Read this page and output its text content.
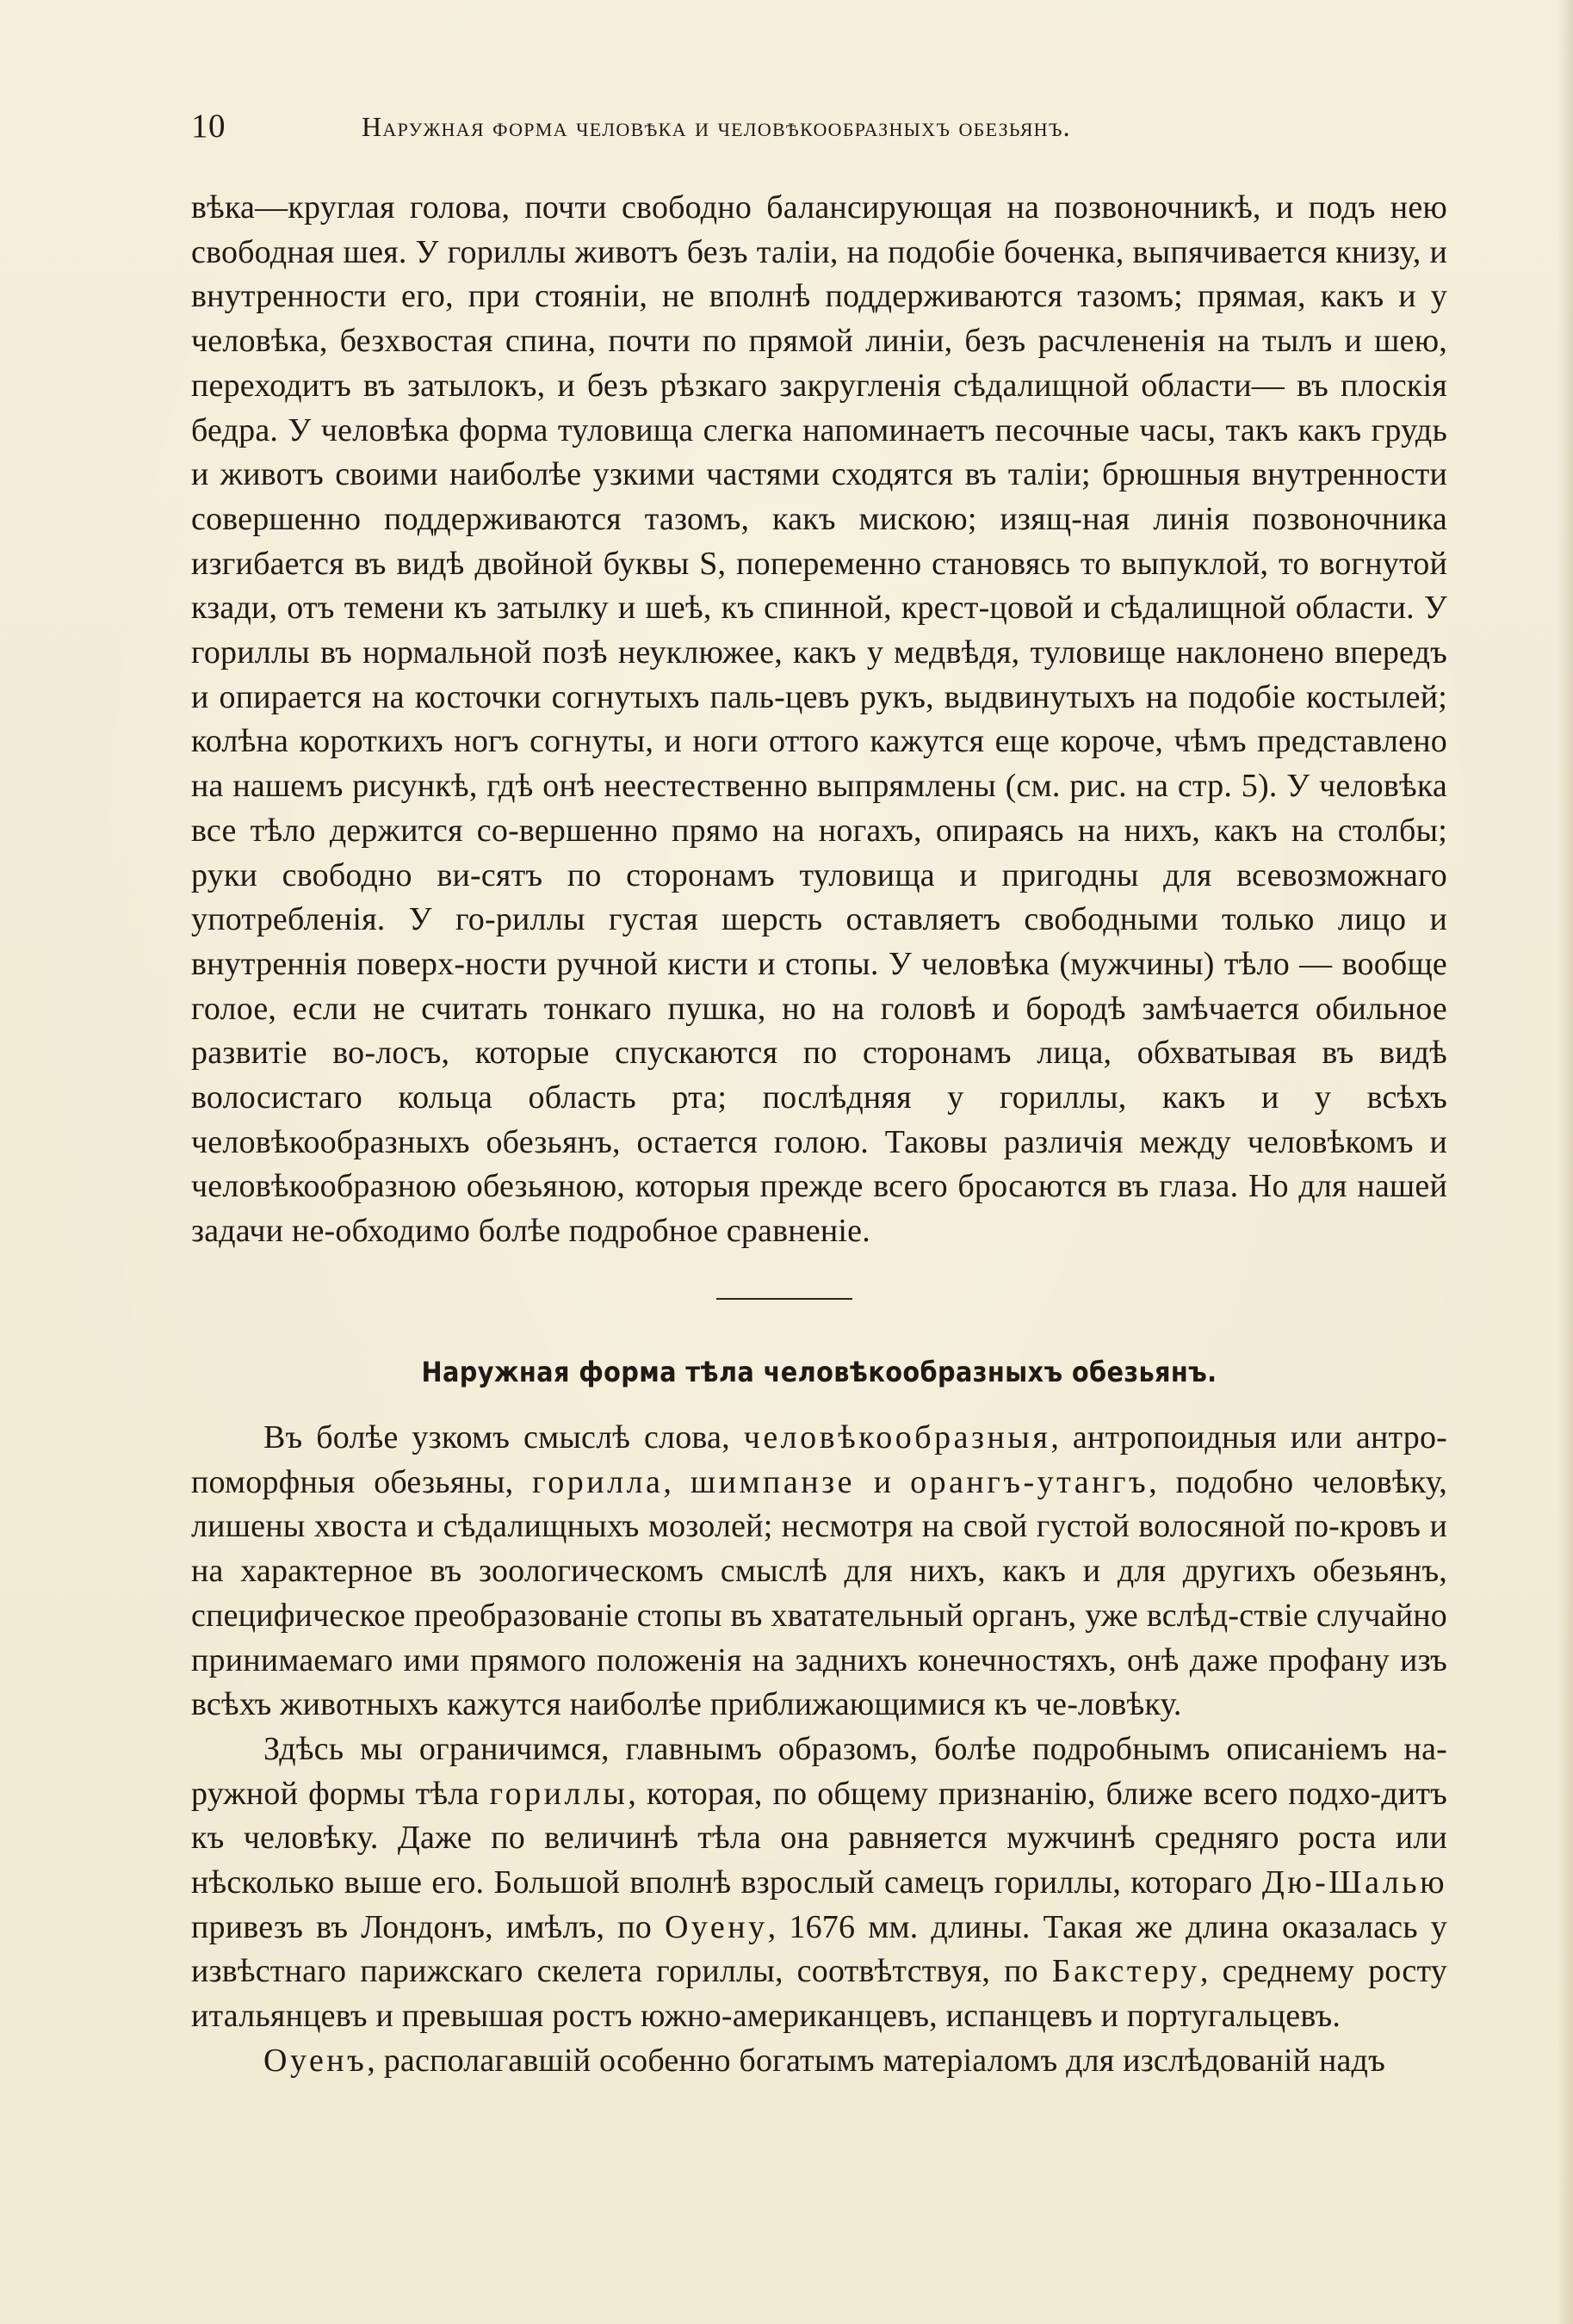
10	Наружная форма человѣка и человѣкообразныхъ обезьянъ.

вѣка—круглая голова, почти свободно балансирующая на позвоночникѣ, и подъ нею свободная шея. У гориллы животъ безъ таліи, на подобіе боченка, выпячивается книзу, и внутренности его, при стояніи, не вполнѣ поддерживаются тазомъ; прямая, какъ и у человѣка, безхвостая спина, почти по прямой линіи, безъ расчлененія на тылъ и шею, переходитъ въ затылокъ, и безъ рѣзкаго закругленія сѣдалищной области— въ плоскія бедра. У человѣка форма туловища слегка напоминаетъ песочные часы, такъ какъ грудь и животъ своими наиболѣе узкими частями сходятся въ таліи; брюшныя внутренности совершенно поддерживаются тазомъ, какъ мискою; изящ-ная линія позвоночника изгибается въ видѣ двойной буквы S, попеременно становясь то выпуклой, то вогнутой кзади, отъ темени къ затылку и шеѣ, къ спинной, крест-цовой и сѣдалищной области. У гориллы въ нормальной позѣ неуклюжее, какъ у медвѣдя, туловище наклонено впередъ и опирается на косточки согнутыхъ паль-цевъ рукъ, выдвинутыхъ на подобіе костылей; колѣна короткихъ ногъ согнуты, и ноги оттого кажутся еще короче, чѣмъ представлено на нашемъ рисункѣ, гдѣ онѣ неестественно выпрямлены (см. рис. на стр. 5). У человѣка все тѣло держится со-вершенно прямо на ногахъ, опираясь на нихъ, какъ на столбы; руки свободно ви-сятъ по сторонамъ туловища и пригодны для всевозможнаго употребленія. У го-риллы густая шерсть оставляетъ свободными только лицо и внутреннія поверх-ности ручной кисти и стопы. У человѣка (мужчины) тѣло — вообще голое, если не считать тонкаго пушка, но на головѣ и бородѣ замѣчается обильное развитіе во-лосъ, которые спускаются по сторонамъ лица, обхватывая въ видѣ волосистаго кольца область рта; послѣдняя у гориллы, какъ и у всѣхъ человѣкообразныхъ обезьянъ, остается голою. Таковы различія между человѣкомъ и человѣкообразною обезьяною, которыя прежде всего бросаются въ глаза. Но для нашей задачи не-обходимо болѣе подробное сравненіе.

Наружная форма тѣла человѣкообразныхъ обезьянъ.

Въ болѣе узкомъ смыслѣ слова, человѣкообразныя, антропоидныя или антро-поморфныя обезьяны, горилла, шимпанзе и орангъ-утангъ, подобно человѣку, лишены хвоста и сѣдалищныхъ мозолей; несмотря на свой густой волосяной по-кровъ и на характерное въ зоологическомъ смыслѣ для нихъ, какъ и для другихъ обезьянъ, специфическое преобразованіе стопы въ хватательный органъ, уже вслѣд-ствіе случайно принимаемаго ими прямого положенія на заднихъ конечностяхъ, онѣ даже профану изъ всѣхъ животныхъ кажутся наиболѣе приближающимися къ че-ловѣку.

Здѣсь мы ограничимся, главнымъ образомъ, болѣе подробнымъ описаніемъ на-ружной формы тѣла гориллы, которая, по общему признанію, ближе всего подхо-дитъ къ человѣку. Даже по величинѣ тѣла она равняется мужчинѣ средняго роста или нѣсколько выше его. Большой вполнѣ взрослый самецъ гориллы, котораго Дю-Шалью привезъ въ Лондонъ, имѣлъ, по Оуену, 1676 мм. длины. Такая же длина оказалась у извѣстнаго парижскаго скелета гориллы, соотвѣтствуя, по Бакстеру, среднему росту итальянцевъ и превышая ростъ южно-американцевъ, испанцевъ и португальцевъ.

Оуенъ, располагавшій особенно богатымъ матеріаломъ для изслѣдованій надъ
